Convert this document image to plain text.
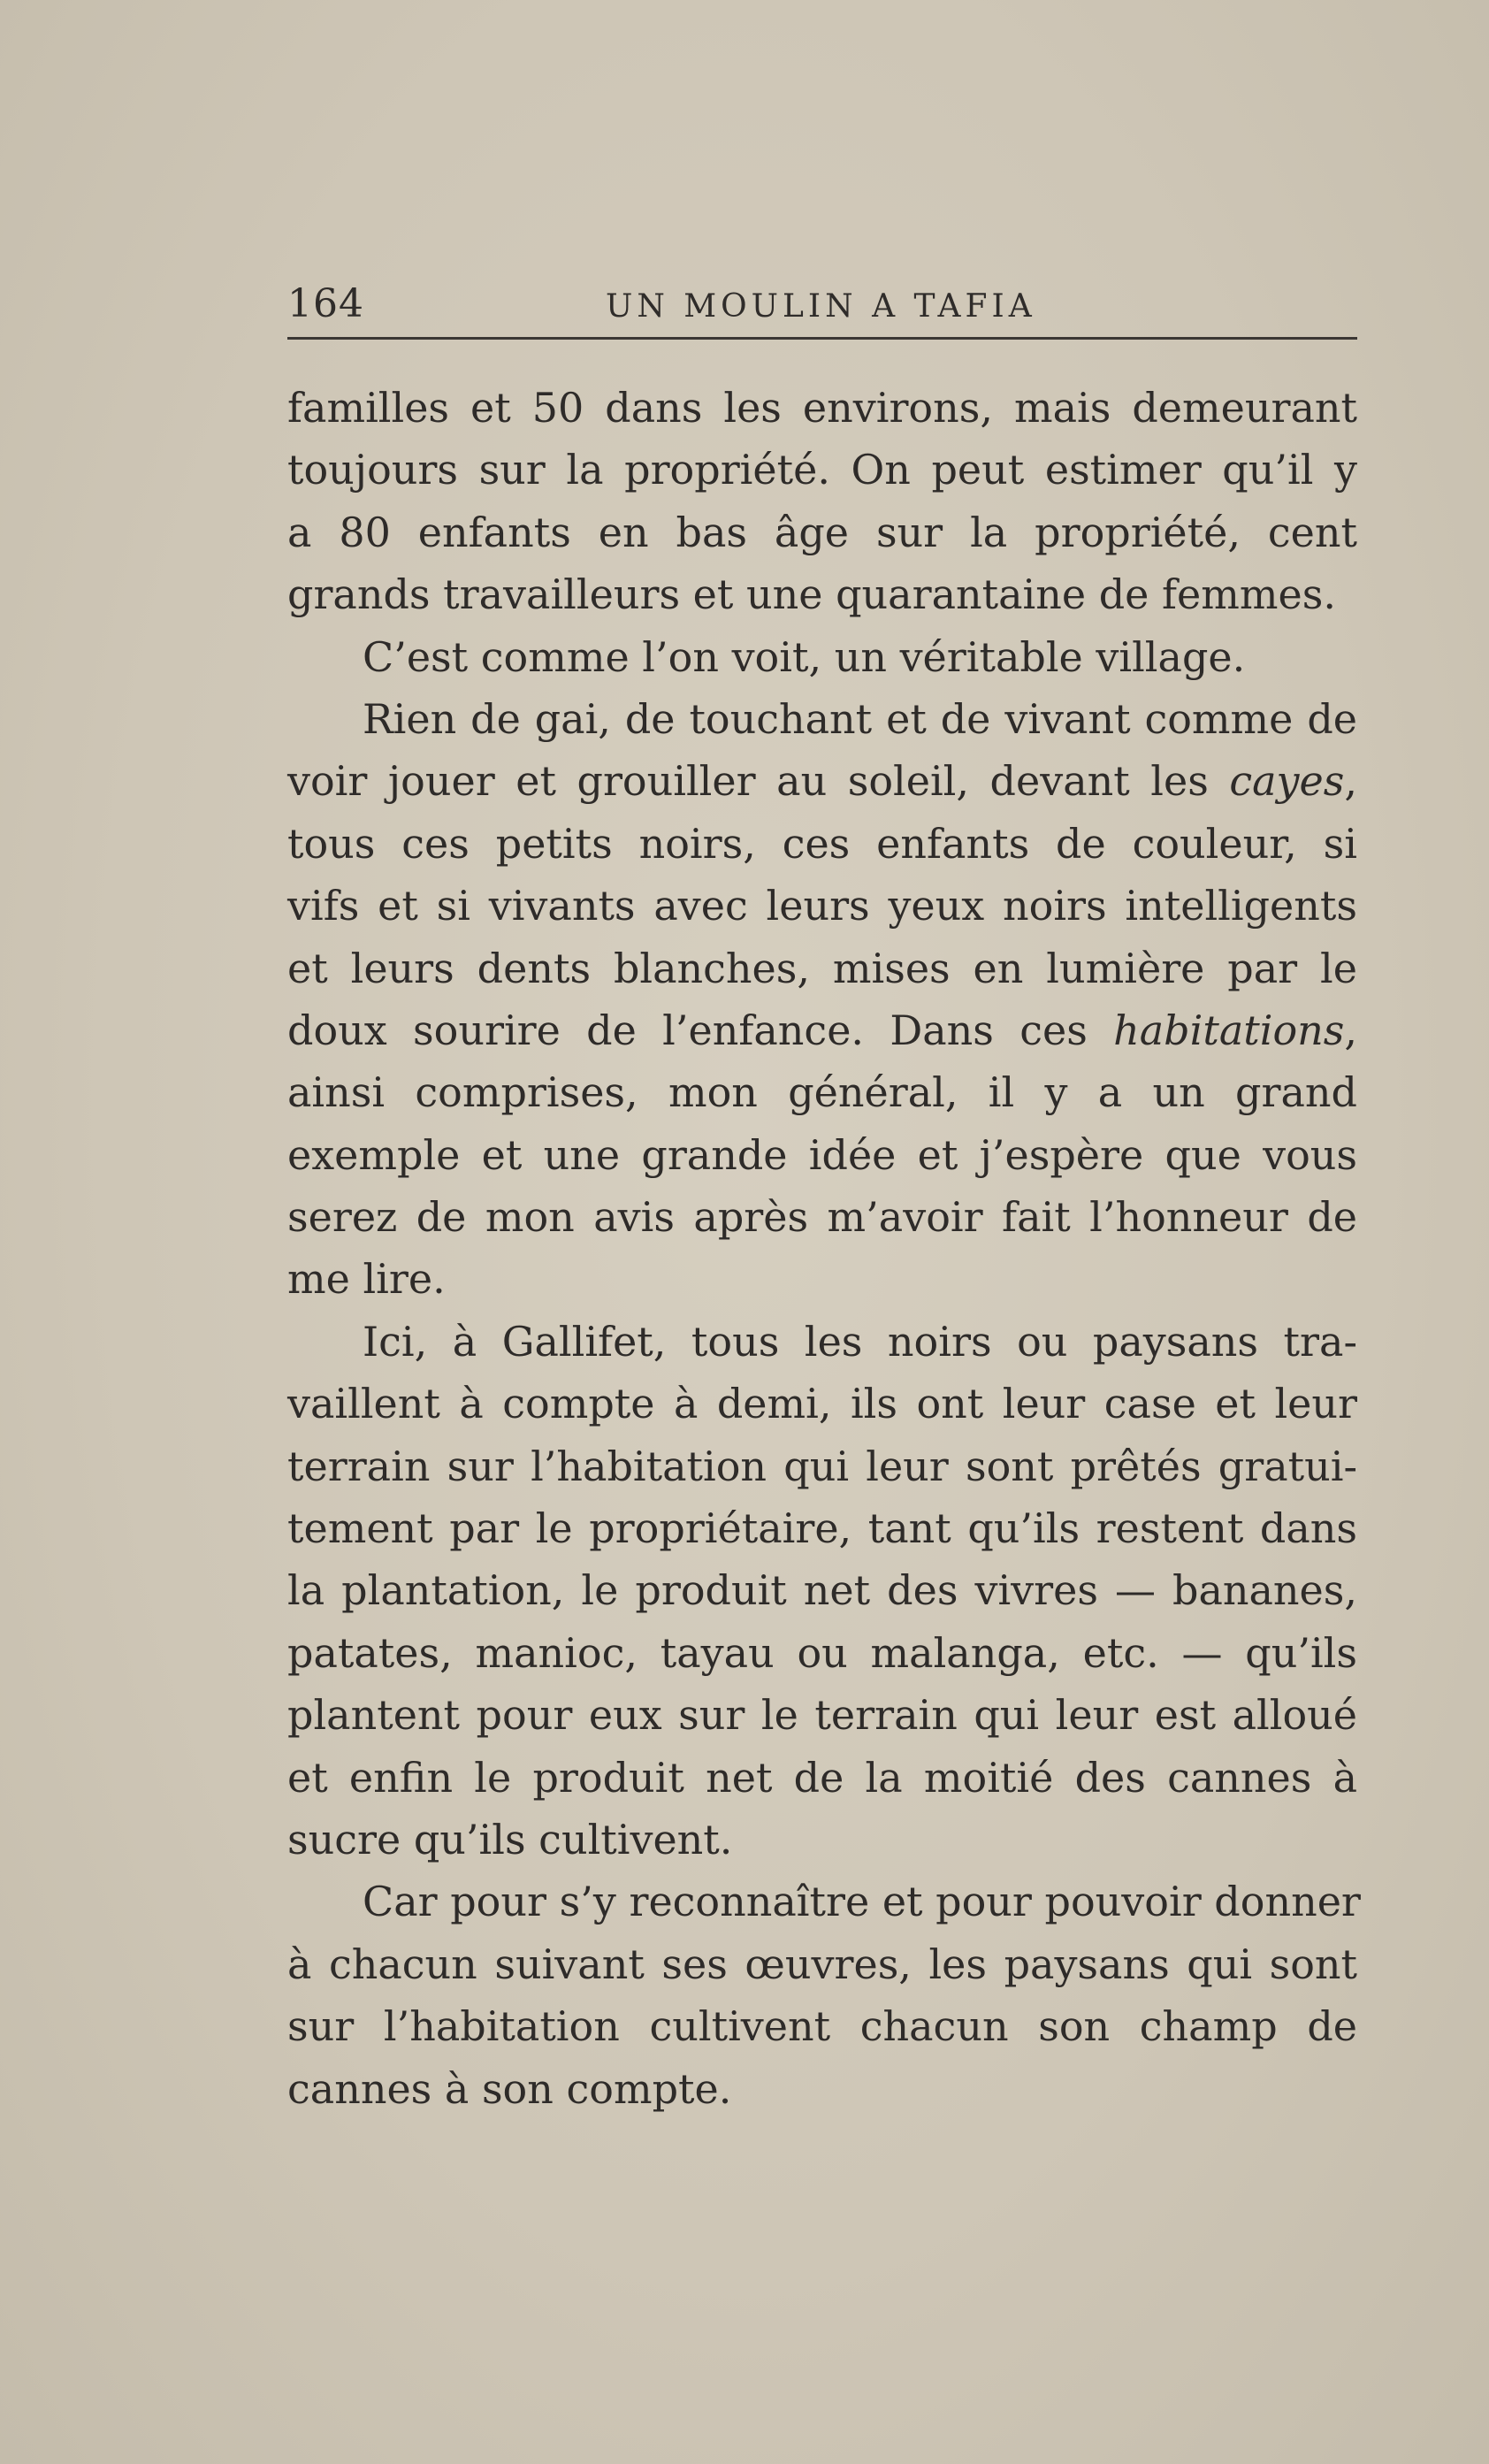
164	UN MOULIN A TAFIA
familles et 50 dans les environs, mais demeurant
toujours sur la propriété. On peut estimer qu’il y
a 80 enfants en bas âge sur la propriété, cent
grands travailleurs et une quarantaine de femmes.
C’est comme l’on voit, un véritable village.
Rien de gai, de touchant et de vivant comme de
voir jouer et grouiller au soleil, devant les cayes,
tous ces petits noirs, ces enfants de couleur, si
vifs et si vivants avec leurs yeux noirs intelligents
et leurs dents blanches, mises en lumière par le
doux sourire de l’enfance. Dans ces habitations,
ainsi comprises, mon général, il y a un grand
exemple et une grande idée et j’espère que vous
serez de mon avis après m’avoir fait l’honneur de
me lire.
Ici, à Gallifet, tous les noirs ou paysans tra-
vaillent à compte à demi, ils ont leur case et leur
terrain sur l’habitation qui leur sont prêtés gratui-
tement par le propriétaire, tant qu’ils restent dans
la plantation, le produit net des vivres — bananes,
patates, manioc, tayau ou malanga, etc. — qu’ils
plantent pour eux sur le terrain qui leur est alloué
et enfin le produit net de la moitié des cannes à
sucre qu’ils cultivent.
Car pour s’y reconnaître et pour pouvoir donner
à chacun suivant ses œuvres, les paysans qui sont
sur l’habitation cultivent chacun son champ de
cannes à son compte.
